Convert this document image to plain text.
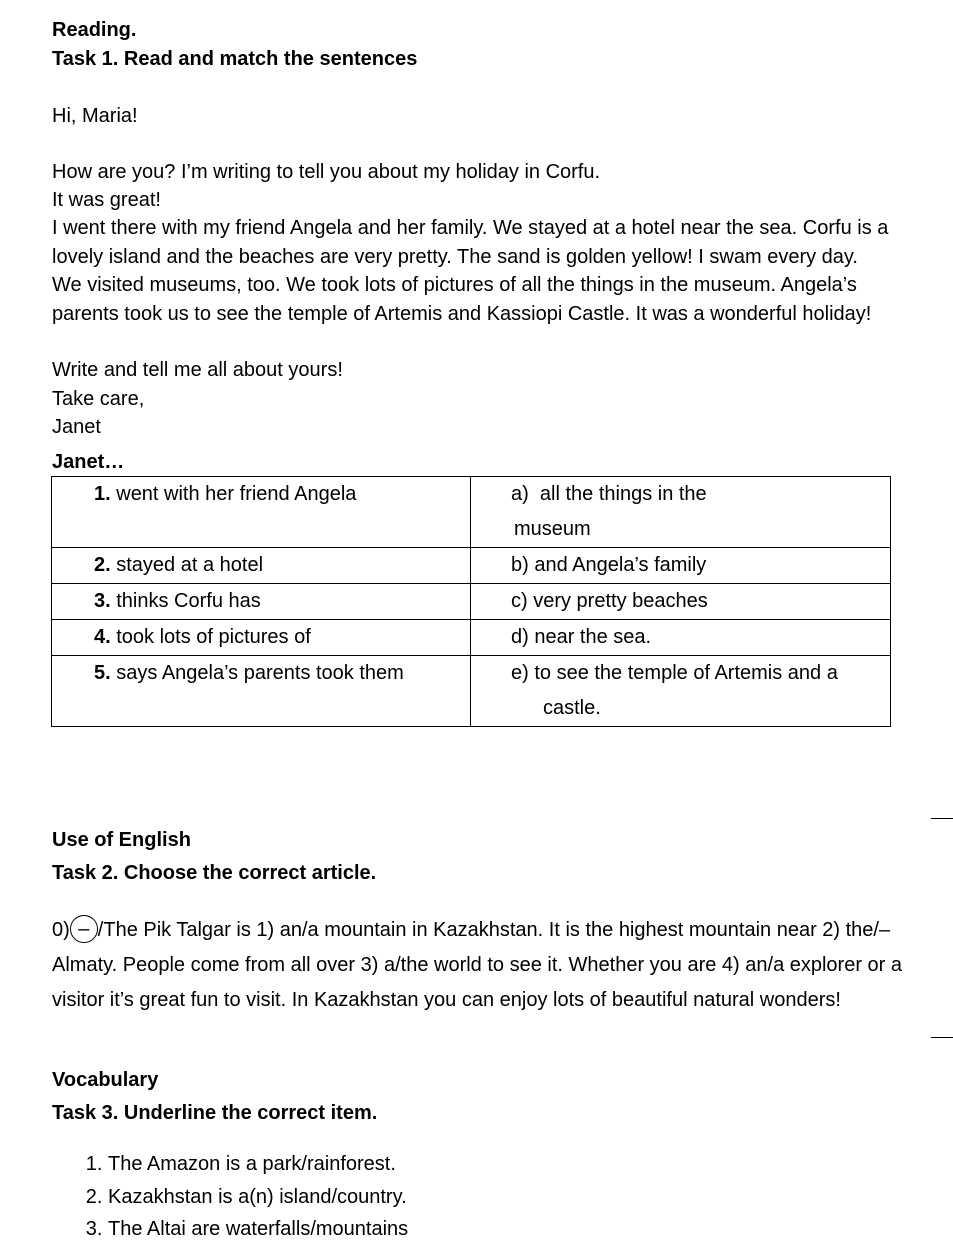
Reading.
Task 1. Read and match the sentences
Hi, Maria!
How are you? I’m writing to tell you about my holiday in Corfu.
It was great!
I went there with my friend Angela and her family. We stayed at a hotel near the sea. Corfu is a
lovely island and the beaches are very pretty. The sand is golden yellow! I swam every day.
We visited museums, too. We took lots of pictures of all the things in the museum. Angela’s
parents took us to see the temple of Artemis and Kassiopi Castle. It was a wonderful holiday!
Write and tell me all about yours!
Take care,
Janet
Janet…
1. went with her friend Angela	a)  all the things in the
museum

2. stayed at a hotel	b) and Angela’s family
3. thinks Corfu has	c) very pretty beaches
4. took lots of pictures of	d) near the sea.
5. says Angela’s parents took them	e) to see the temple of Artemis and a
castle.
Use of English
Task 2. Choose the correct article.
0) – /The Pik Talgar is 1) an/a mountain in Kazakhstan. It is the highest mountain near 2) the/–
Almaty. People come from all over 3) a/the world to see it. Whether you are 4) an/a explorer or a
visitor it’s great fun to visit. In Kazakhstan you can enjoy lots of beautiful natural wonders!
Vocabulary
Task 3. Underline the correct item.
1. The Amazon is a park/rainforest.
2. Kazakhstan is a(n) island/country.
3. The Altai are waterfalls/mountains
